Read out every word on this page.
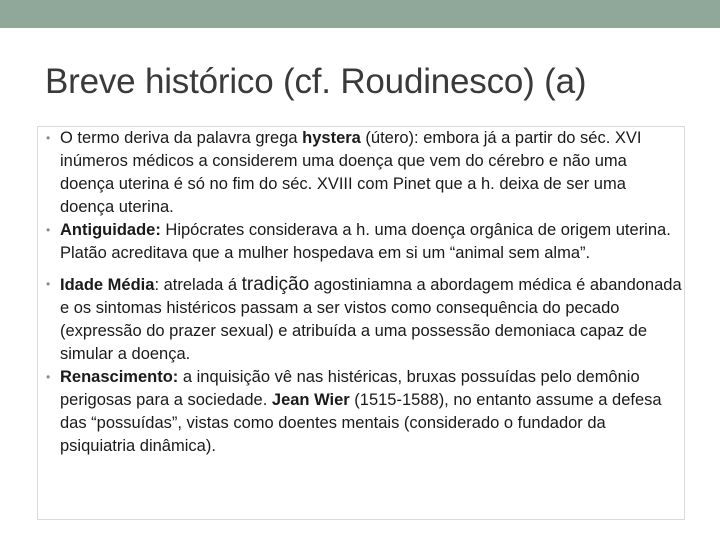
Breve histórico (cf. Roudinesco) (a)
• O termo deriva da palavra grega hystera (útero): embora já a partir do séc. XVI inúmeros médicos a considerem uma doença que vem do cérebro e não uma doença uterina é só no fim do séc. XVIII com Pinet que a h. deixa de ser uma doença uterina.
• Antiguidade: Hipócrates considerava a h. uma doença orgânica de origem uterina. Platão acreditava que a mulher hospedava em si um “animal sem alma”.
• Idade Média: atrelada á tradição agostiniamna a abordagem médica é abandonada e os sintomas histéricos passam a ser vistos como consequência do pecado (expressão do prazer sexual) e atribuída a uma possessão demoniaca capaz de simular a doença.
• Renascimento: a inquisição vê nas histéricas, bruxas possuídas pelo demônio perigosas para a sociedade. Jean Wier (1515-1588), no entanto assume a defesa das “possuídas”, vistas como doentes mentais (considerado o fundador da psiquiatria dinâmica).
